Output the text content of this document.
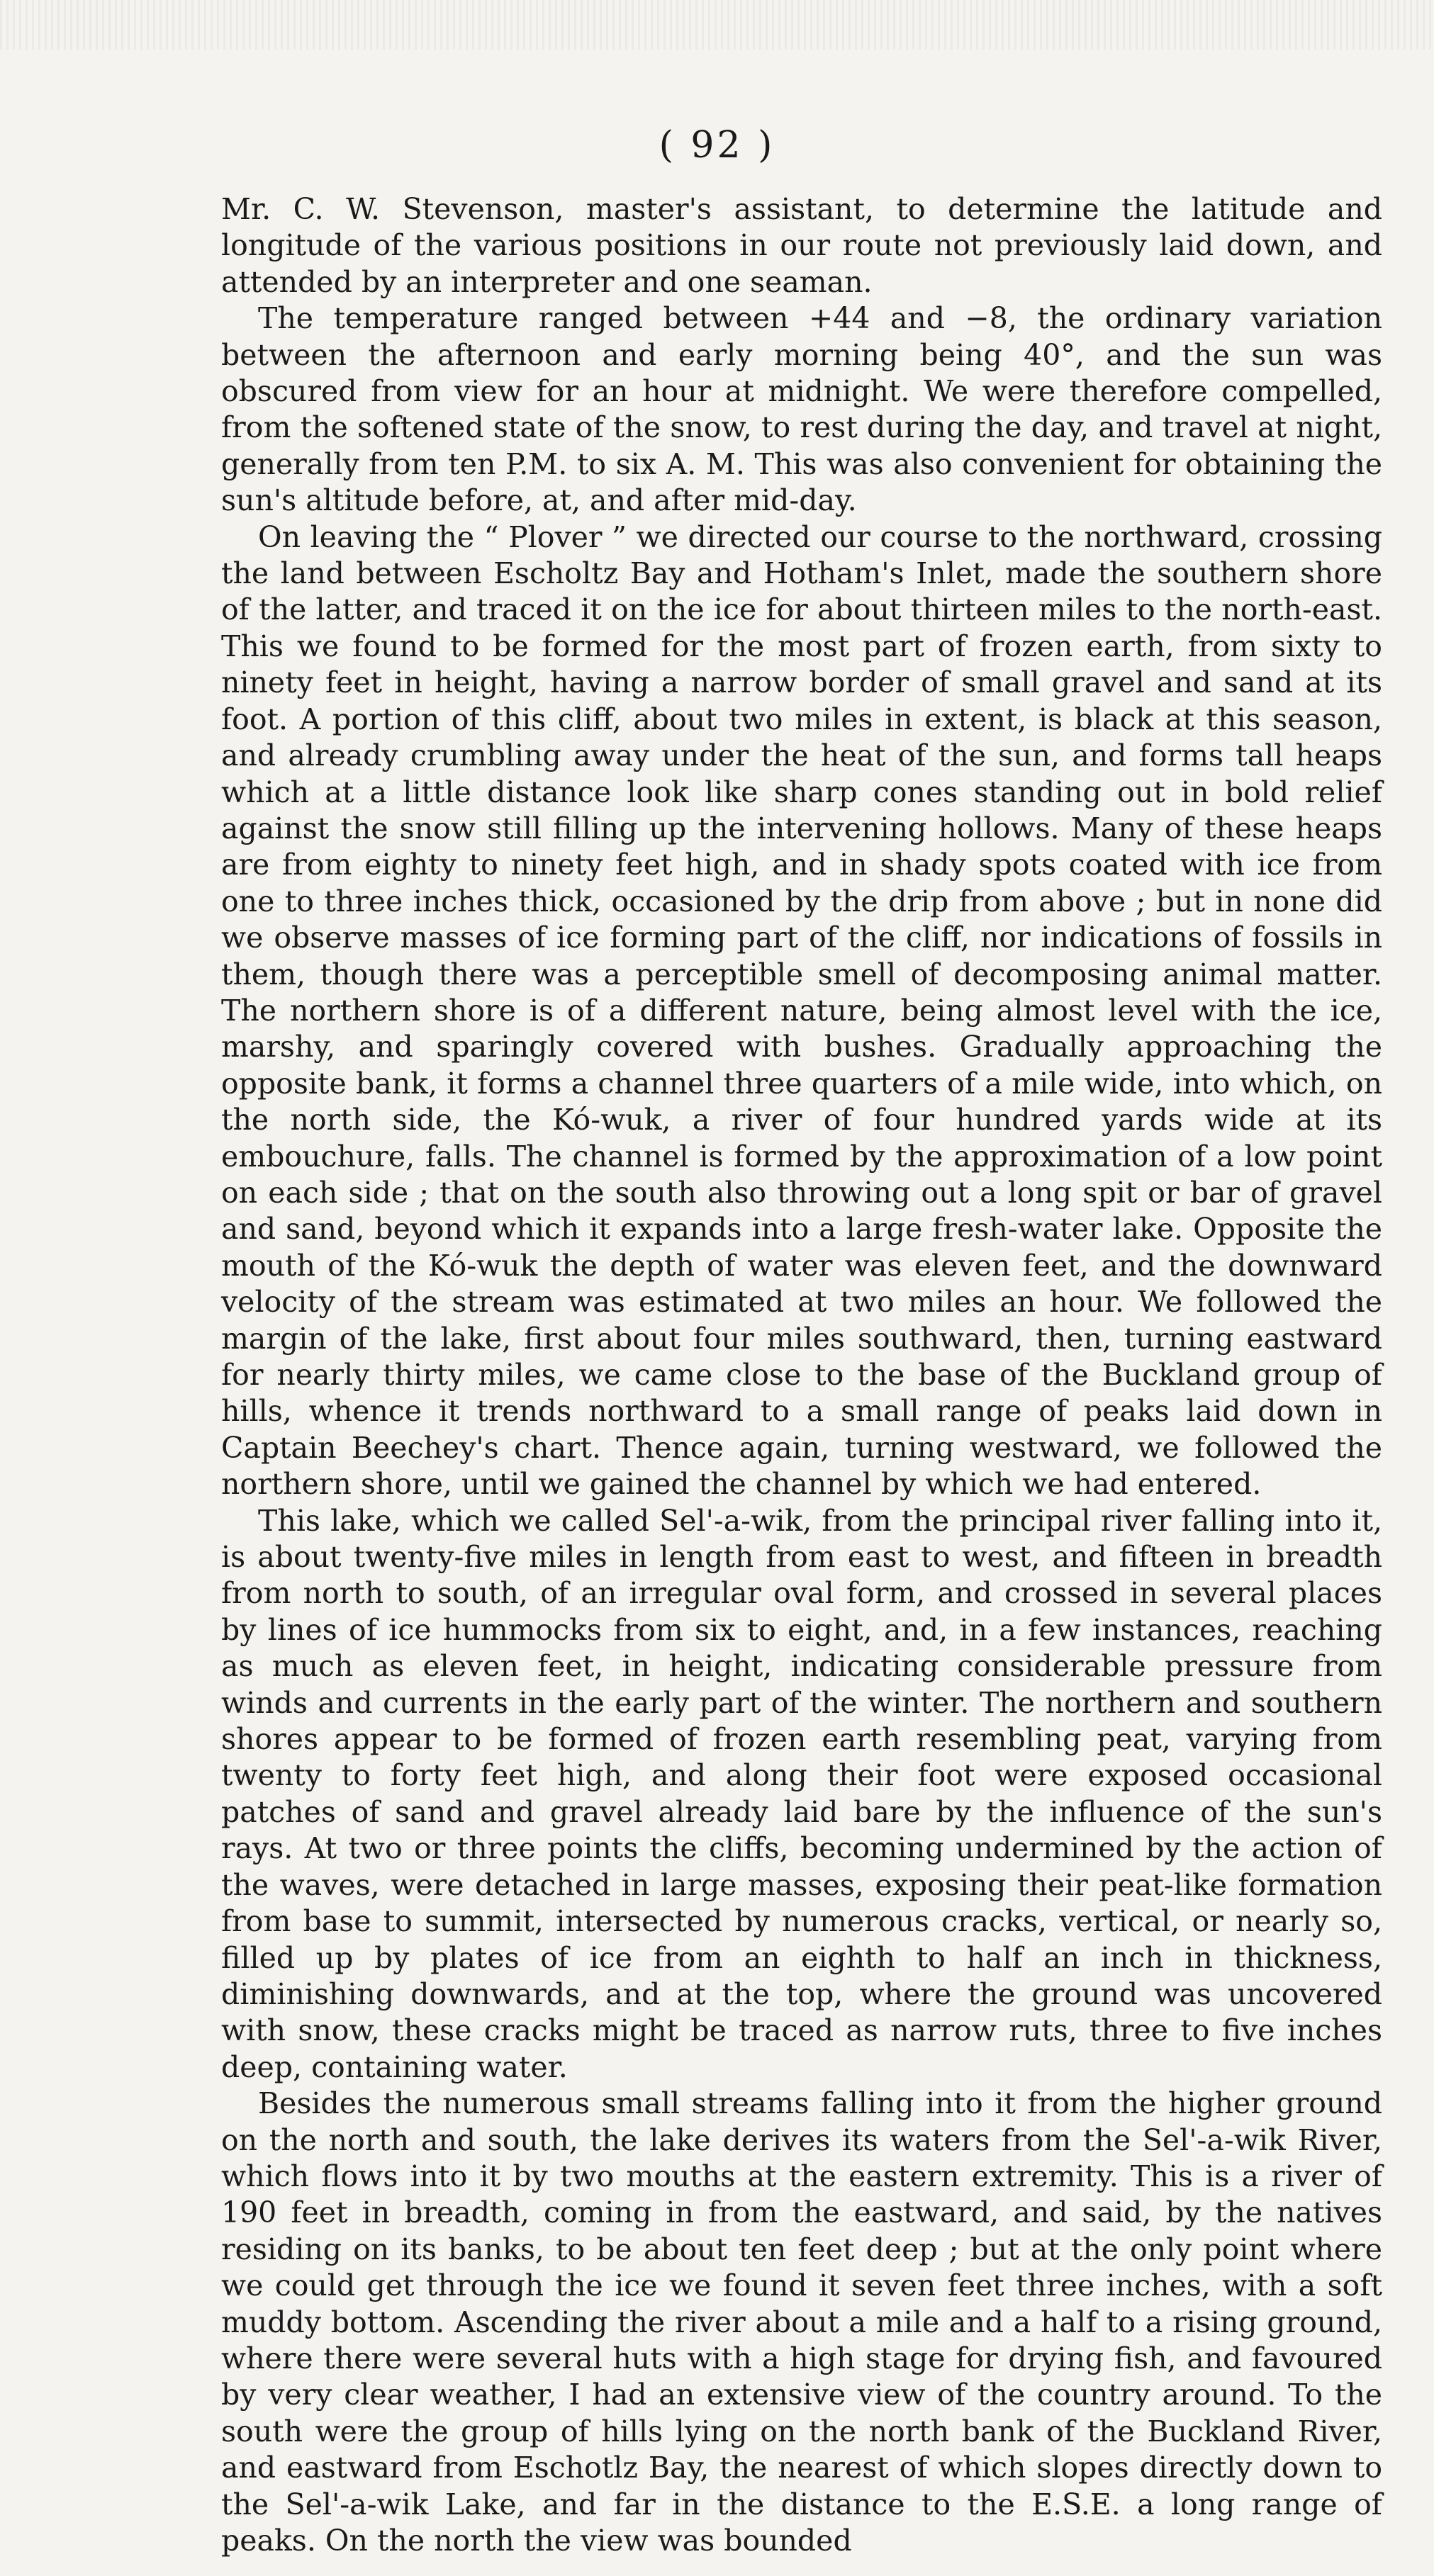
( 92 )

Mr. C. W. Stevenson, master's assistant, to determine the latitude and longitude of the various positions in our route not previously laid down, and attended by an interpreter and one seaman.

The temperature ranged between +44 and −8, the ordinary variation between the afternoon and early morning being 40°, and the sun was obscured from view for an hour at midnight. We were therefore compelled, from the softened state of the snow, to rest during the day, and travel at night, generally from ten P.M. to six A. M. This was also convenient for obtaining the sun's altitude before, at, and after mid-day.

On leaving the “ Plover ” we directed our course to the northward, crossing the land between Escholtz Bay and Hotham's Inlet, made the southern shore of the latter, and traced it on the ice for about thirteen miles to the north-east. This we found to be formed for the most part of frozen earth, from sixty to ninety feet in height, having a narrow border of small gravel and sand at its foot. A portion of this cliff, about two miles in extent, is black at this season, and already crumbling away under the heat of the sun, and forms tall heaps which at a little distance look like sharp cones standing out in bold relief against the snow still filling up the intervening hollows. Many of these heaps are from eighty to ninety feet high, and in shady spots coated with ice from one to three inches thick, occasioned by the drip from above ; but in none did we observe masses of ice forming part of the cliff, nor indications of fossils in them, though there was a perceptible smell of decomposing animal matter. The northern shore is of a different nature, being almost level with the ice, marshy, and sparingly covered with bushes. Gradually approaching the opposite bank, it forms a channel three quarters of a mile wide, into which, on the north side, the Kó-wuk, a river of four hundred yards wide at its embouchure, falls. The channel is formed by the approximation of a low point on each side ; that on the south also throwing out a long spit or bar of gravel and sand, beyond which it expands into a large fresh-water lake. Opposite the mouth of the Kó-wuk the depth of water was eleven feet, and the downward velocity of the stream was estimated at two miles an hour. We followed the margin of the lake, first about four miles southward, then, turning eastward for nearly thirty miles, we came close to the base of the Buckland group of hills, whence it trends northward to a small range of peaks laid down in Captain Beechey's chart. Thence again, turning westward, we followed the northern shore, until we gained the channel by which we had entered.

This lake, which we called Sel'-a-wik, from the principal river falling into it, is about twenty-five miles in length from east to west, and fifteen in breadth from north to south, of an irregular oval form, and crossed in several places by lines of ice hummocks from six to eight, and, in a few instances, reaching as much as eleven feet, in height, indicating considerable pressure from winds and currents in the early part of the winter. The northern and southern shores appear to be formed of frozen earth resembling peat, varying from twenty to forty feet high, and along their foot were exposed occasional patches of sand and gravel already laid bare by the influence of the sun's rays. At two or three points the cliffs, becoming undermined by the action of the waves, were detached in large masses, exposing their peat-like formation from base to summit, intersected by numerous cracks, vertical, or nearly so, filled up by plates of ice from an eighth to half an inch in thickness, diminishing downwards, and at the top, where the ground was uncovered with snow, these cracks might be traced as narrow ruts, three to five inches deep, containing water.

Besides the numerous small streams falling into it from the higher ground on the north and south, the lake derives its waters from the Sel'-a-wik River, which flows into it by two mouths at the eastern extremity. This is a river of 190 feet in breadth, coming in from the eastward, and said, by the natives residing on its banks, to be about ten feet deep ; but at the only point where we could get through the ice we found it seven feet three inches, with a soft muddy bottom. Ascending the river about a mile and a half to a rising ground, where there were several huts with a high stage for drying fish, and favoured by very clear weather, I had an extensive view of the country around. To the south were the group of hills lying on the north bank of the Buckland River, and eastward from Eschotlz Bay, the nearest of which slopes directly down to the Sel'-a-wik Lake, and far in the distance to the E.S.E. a long range of peaks. On the north the view was bounded
